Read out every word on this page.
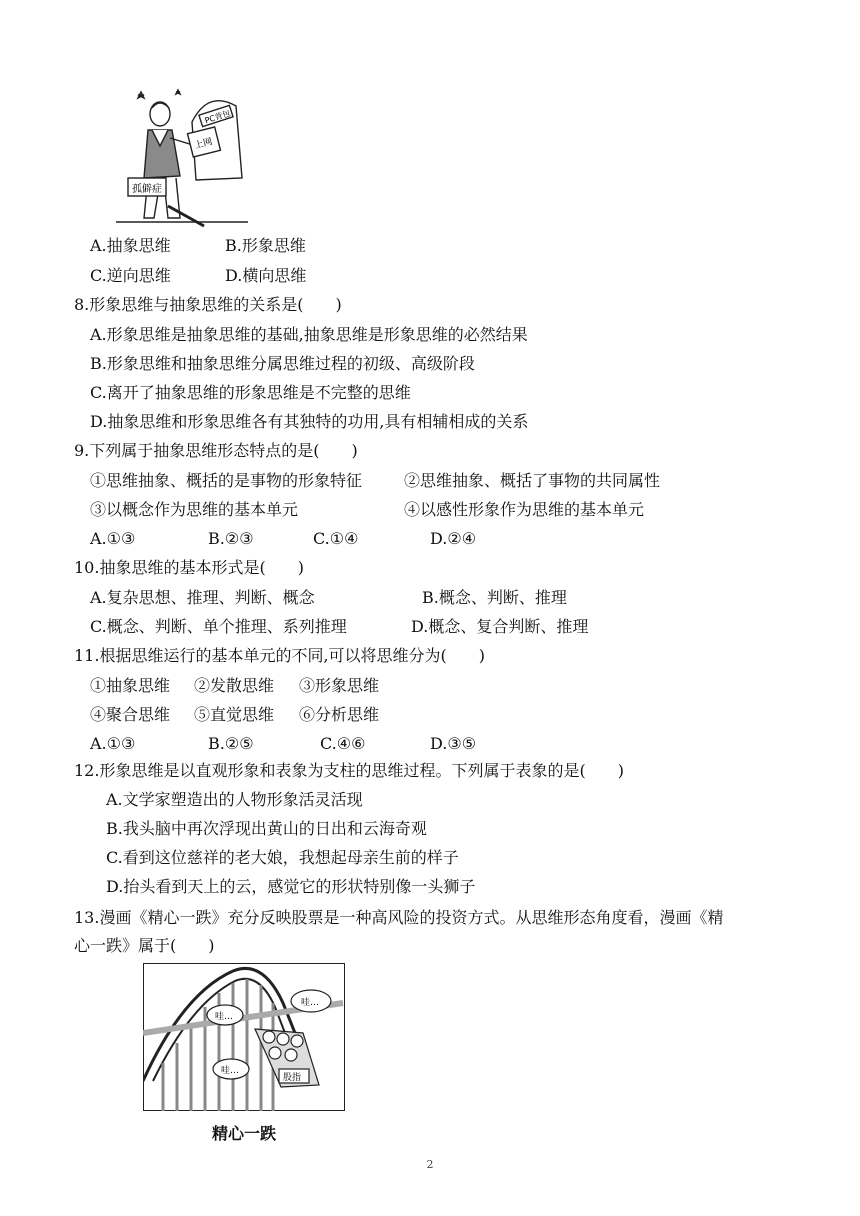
PC背包
上网
孤僻症
A.抽象思维	B.形象思维
C.逆向思维	D.横向思维
8.形象思维与抽象思维的关系是(　　)
A.形象思维是抽象思维的基础,抽象思维是形象思维的必然结果
B.形象思维和抽象思维分属思维过程的初级、高级阶段
C.离开了抽象思维的形象思维是不完整的思维
D.抽象思维和形象思维各有其独特的功用,具有相辅相成的关系
9.下列属于抽象思维形态特点的是(　　)
①思维抽象、概括的是事物的形象特征	②思维抽象、概括了事物的共同属性
③以概念作为思维的基本单元	④以感性形象作为思维的基本单元
A.①③	B.②③	C.①④	D.②④
10.抽象思维的基本形式是(　　)
A.复杂思想、推理、判断、概念	B.概念、判断、推理
C.概念、判断、单个推理、系列推理	D.概念、复合判断、推理
11.根据思维运行的基本单元的不同,可以将思维分为(　　)
①抽象思维 ②发散思维 ③形象思维
④聚合思维 ⑤直觉思维 ⑥分析思维
A.①③	B.②⑤	C.④⑥	D.③⑤
12.形象思维是以直观形象和表象为支柱的思维过程。下列属于表象的是(　　)
A.文学家塑造出的人物形象活灵活现
B.我头脑中再次浮现出黄山的日出和云海奇观
C.看到这位慈祥的老大娘，我想起母亲生前的样子
D.抬头看到天上的云，感觉它的形状特别像一头狮子
13.漫画《精心一跌》充分反映股票是一种高风险的投资方式。从思维形态角度看，漫画《精
心一跌》属于(　　)
哇…
哇…
哇…
股指
精心一跌
2
